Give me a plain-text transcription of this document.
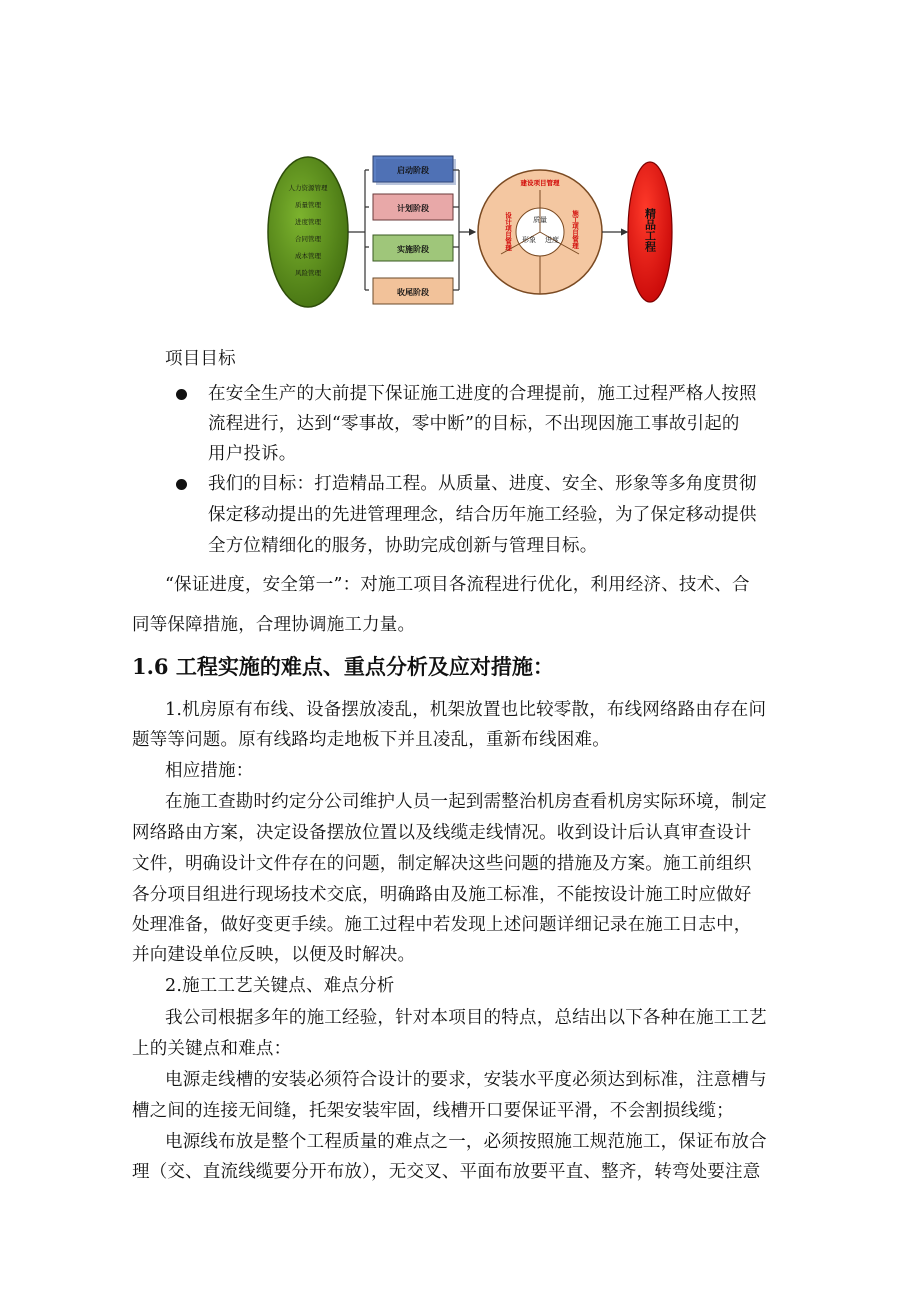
人力资源管理
质量管理
进度管理
合同管理
成本管理
风险管理
启动阶段
计划阶段
实施阶段
收尾阶段
建设项目管理
设计项目管理	施工项目管理
质量
形象 进度	精品工程
项目目标
在安全生产的大前提下保证施工进度的合理提前，施工过程严格人按照
流程进行，达到“零事故，零中断”的目标，不出现因施工事故引起的
用户投诉。
我们的目标：打造精品工程。从质量、进度、安全、形象等多角度贯彻
保定移动提出的先进管理理念，结合历年施工经验，为了保定移动提供
全方位精细化的服务，协助完成创新与管理目标。
“保证进度，安全第一”：对施工项目各流程进行优化，利用经济、技术、合
同等保障措施，合理协调施工力量。
1.6 工程实施的难点、重点分析及应对措施：
1.机房原有布线、设备摆放凌乱，机架放置也比较零散，布线网络路由存在问
题等等问题。原有线路均走地板下并且凌乱，重新布线困难。
相应措施：
在施工查勘时约定分公司维护人员一起到需整治机房查看机房实际环境，制定
网络路由方案，决定设备摆放位置以及线缆走线情况。收到设计后认真审查设计
文件，明确设计文件存在的问题，制定解决这些问题的措施及方案。施工前组织
各分项目组进行现场技术交底，明确路由及施工标准，不能按设计施工时应做好
处理准备，做好变更手续。施工过程中若发现上述问题详细记录在施工日志中，
并向建设单位反映，以便及时解决。
2.施工工艺关键点、难点分析
我公司根据多年的施工经验，针对本项目的特点，总结出以下各种在施工工艺
上的关键点和难点：
电源走线槽的安装必须符合设计的要求，安装水平度必须达到标准，注意槽与
槽之间的连接无间缝，托架安装牢固，线槽开口要保证平滑，不会割损线缆；
电源线布放是整个工程质量的难点之一，必须按照施工规范施工，保证布放合
理（交、直流线缆要分开布放），无交叉、平面布放要平直、整齐，转弯处要注意
